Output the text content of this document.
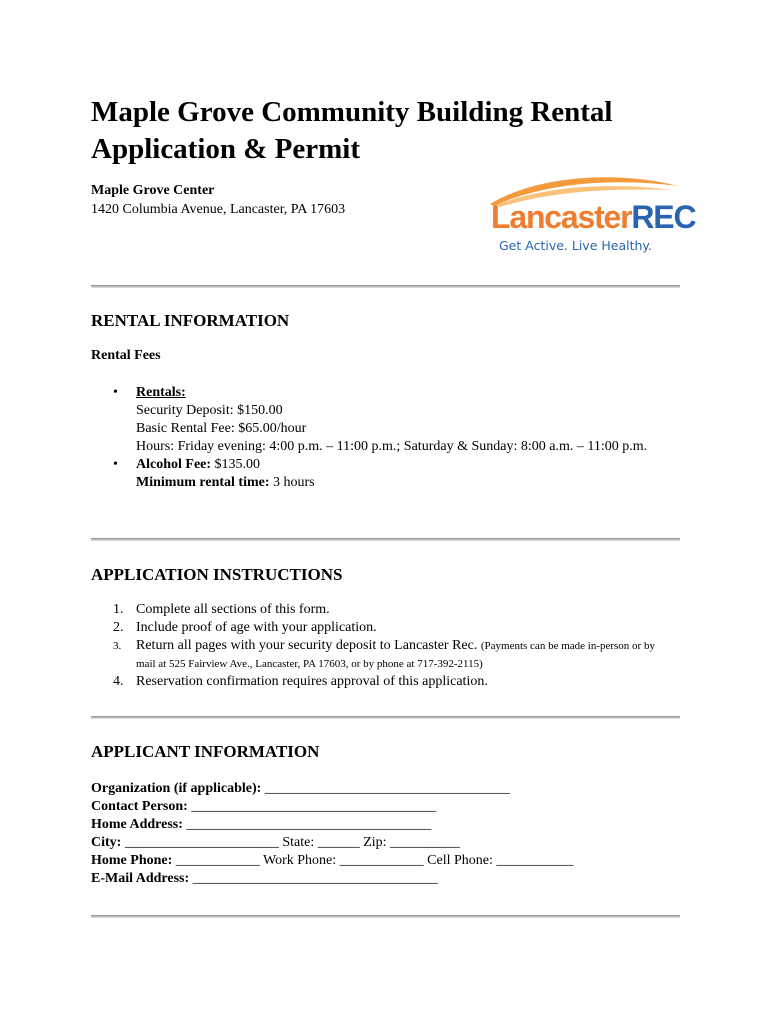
Maple Grove Community Building Rental
Application & Permit
Maple Grove Center
1420 Columbia Avenue, Lancaster, PA 17603	LancasterREC
Get Active. Live Healthy.
RENTAL INFORMATION
Rental Fees
• Rentals:
Security Deposit: $150.00
Basic Rental Fee: $65.00/hour
Hours: Friday evening: 4:00 p.m. – 11:00 p.m.; Saturday & Sunday: 8:00 a.m. – 11:00 p.m.
• Alcohol Fee: $135.00
Minimum rental time: 3 hours
APPLICATION INSTRUCTIONS
1. Complete all sections of this form.
2. Include proof of age with your application.
3. Return all pages with your security deposit to Lancaster Rec. (Payments can be made in-person or by mail at 525 Fairview Ave., Lancaster, PA 17603, or by phone at 717-392-2115)
4. Reservation confirmation requires approval of this application.
APPLICANT INFORMATION
Organization (if applicable): ___________________________________
Contact Person: ___________________________________
Home Address: ___________________________________
City: ______________________ State: ______ Zip: __________
Home Phone: ____________ Work Phone: ____________ Cell Phone: ___________
E-Mail Address: ___________________________________
